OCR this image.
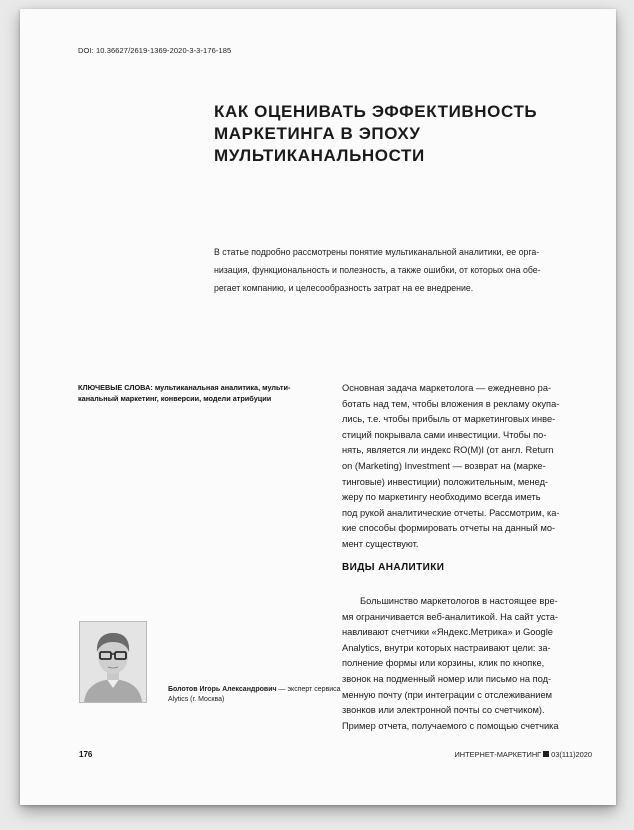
DOI: 10.36627/2619-1369-2020-3-3-176-185
КАК ОЦЕНИВАТЬ ЭФФЕКТИВНОСТЬ
МАРКЕТИНГА В ЭПОХУ
МУЛЬТИКАНАЛЬНОСТИ
В статье подробно рассмотрены понятие мультиканальной аналитики, ее орга-
низация, функциональность и полезность, а также ошибки, от которых она обе-
регает компанию, и целесообразность затрат на ее внедрение.
КЛЮЧЕВЫЕ СЛОВА: мультиканальная аналитика, мульти-
канальный маркетинг, конверсии, модели атрибуции
Основная задача маркетолога — ежедневно ра-
ботать над тем, чтобы вложения в рекламу окупа-
лись, т.е. чтобы прибыль от маркетинговых инве-
стиций покрывала сами инвестиции. Чтобы по-
нять, является ли индекс RO(M)I (от англ. Return
on (Marketing) Investment — возврат на (марке-
тинговые) инвестиции) положительным, менед-
жеру по маркетингу необходимо всегда иметь
под рукой аналитические отчеты. Рассмотрим, ка-
кие способы формировать отчеты на данный мо-
мент существуют.
ВИДЫ АНАЛИТИКИ
Большинство маркетологов в настоящее вре-
мя ограничивается веб-аналитикой. На сайт уста-
навливают счетчики «Яндекс.Метрика» и Google
Analytics, внутри которых настраивают цели: за-
полнение формы или корзины, клик по кнопке,
звонок на подменный номер или письмо на под-
менную почту (при интеграции с отслеживанием
звонков или электронной почты со счетчиком).
Пример отчета, получаемого с помощью счетчика
Болотов Игорь Александрович — эксперт сервиса
Alytics (г. Москва)
176	ИНТЕРНЕТ-МАРКЕТИНГ 03(111)2020
